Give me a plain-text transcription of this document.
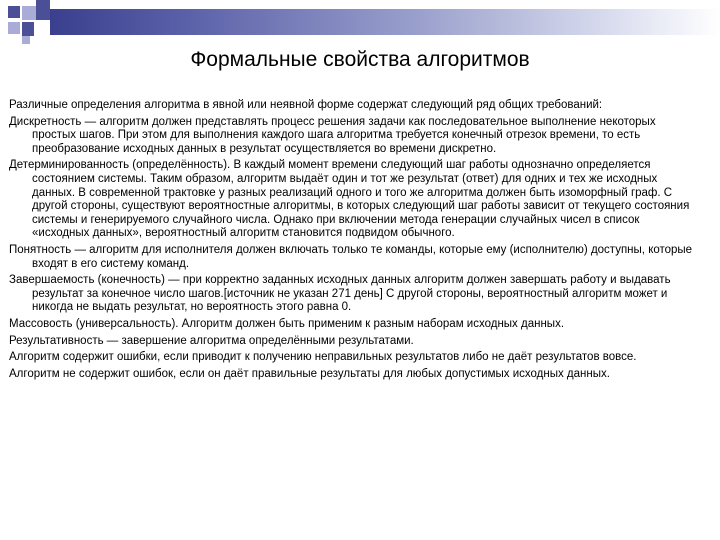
Формальные свойства алгоритмов

Различные определения алгоритма в явной или неявной форме содержат следующий ряд общих требований:

Дискретность — алгоритм должен представлять процесс решения задачи как последовательное выполнение некоторых простых шагов. При этом для выполнения каждого шага алгоритма требуется конечный отрезок времени, то есть преобразование исходных данных в результат осуществляется во времени дискретно.

Детерминированность (определённость). В каждый момент времени следующий шаг работы однозначно определяется состоянием системы. Таким образом, алгоритм выдаёт один и тот же результат (ответ) для одних и тех же исходных данных. В современной трактовке у разных реализаций одного и того же алгоритма должен быть изоморфный граф. С другой стороны, существуют вероятностные алгоритмы, в которых следующий шаг работы зависит от текущего состояния системы и генерируемого случайного числа. Однако при включении метода генерации случайных чисел в список «исходных данных», вероятностный алгоритм становится подвидом обычного.

Понятность — алгоритм для исполнителя должен включать только те команды, которые ему (исполнителю) доступны, которые входят в его систему команд.

Завершаемость (конечность) — при корректно заданных исходных данных алгоритм должен завершать работу и выдавать результат за конечное число шагов.[источник не указан 271 день] С другой стороны, вероятностный алгоритм может и никогда не выдать результат, но вероятность этого равна 0.

Массовость (универсальность). Алгоритм должен быть применим к разным наборам исходных данных.

Результативность — завершение алгоритма определёнными результатами.

Алгоритм содержит ошибки, если приводит к получению неправильных результатов либо не даёт результатов вовсе.

Алгоритм не содержит ошибок, если он даёт правильные результаты для любых допустимых исходных данных.
